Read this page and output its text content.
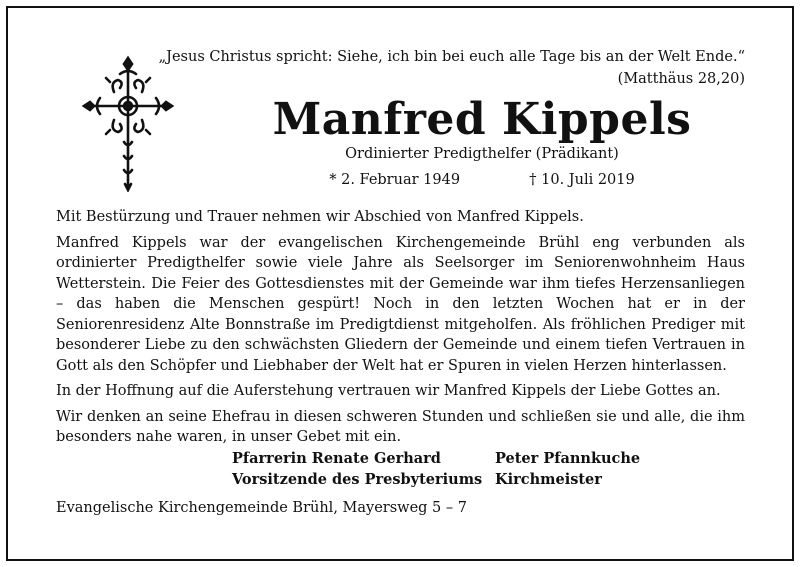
„Jesus Christus spricht: Siehe, ich bin bei euch alle Tage bis an der Welt Ende.“
(Matthäus 28,20)
Manfred Kippels
Ordinierter Predigthelfer (Prädikant)
* 2. Februar 1949	† 10. Juli 2019

Mit Bestürzung und Trauer nehmen wir Abschied von Manfred Kippels.

Manfred Kippels war der evangelischen Kirchengemeinde Brühl eng verbunden als ordinierter Predigthelfer sowie viele Jahre als Seelsorger im Seniorenwohnheim Haus Wetterstein. Die Feier des Gottesdienstes mit der Gemeinde war ihm tiefes Herzensanliegen – das haben die Menschen gespürt! Noch in den letzten Wochen hat er in der Seniorenresidenz Alte Bonnstraße im Predigtdienst mitgeholfen. Als fröhlichen Prediger mit besonderer Liebe zu den schwächsten Gliedern der Gemeinde und einem tiefen Vertrauen in Gott als den Schöpfer und Liebhaber der Welt hat er Spuren in vielen Herzen hinterlassen.

In der Hoffnung auf die Auferstehung vertrauen wir Manfred Kippels der Liebe Gottes an.

Wir denken an seine Ehefrau in diesen schweren Stunden und schließen sie und alle, die ihm besonders nahe waren, in unser Gebet mit ein.

Pfarrerin Renate Gerhard
Vorsitzende des Presbyteriums
Peter Pfannkuche
Kirchmeister
Evangelische Kirchengemeinde Brühl, Mayersweg 5 – 7
